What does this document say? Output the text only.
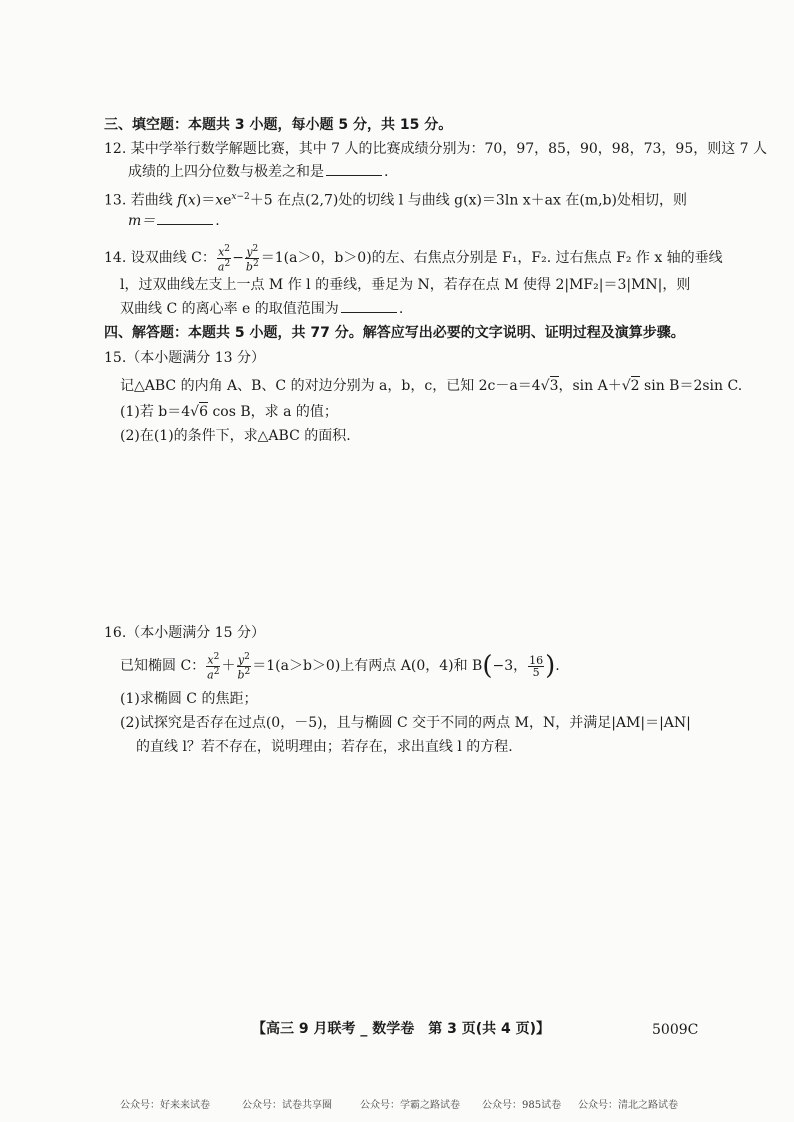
三、填空题：本题共 3 小题，每小题 5 分，共 15 分。
12. 某中学举行数学解题比赛，其中 7 人的比赛成绩分别为：70，97，85，90，98，73，95，则这 7 人
成绩的上四分位数与极差之和是	.
13. 若曲线 $f(x)=xe^{x-2}+5$ 在点(2,7)处的切线 l 与曲线 g(x)＝3ln x＋ax 在(m,b)处相切，则
m＝	.
14. 设双曲线 C： $\frac{x^2}{a^2} - \frac{y^2}{b^2} =1(a>0$，b＞0)的左、右焦点分别是 F₁，F₂. 过右焦点 F₂ 作 x 轴的垂线
l，过双曲线左支上一点 M 作 l 的垂线，垂足为 N，若存在点 M 使得 2|MF₂|＝3|MN|，则
双曲线 C 的离心率 e 的取值范围为	.
四、解答题：本题共 5 小题，共 77 分。解答应写出必要的文字说明、证明过程及演算步骤。
15.（本小题满分 13 分）
记△ABC 的内角 A、B、C 的对边分别为 a，b，c，已知 2c－a＝4√3，sin A＋√2 sin B＝2sin C.
(1)若 b＝4√6 cos B，求 a 的值；
(2)在(1)的条件下，求△ABC 的面积.
16.（本小题满分 15 分）
已知椭圆 C： $\frac{x^2}{a^2} + \frac{y^2}{b^2} =1(a>b>0)$上有两点 A(0，4)和 B(−3， $\frac{16}{5}$ ).
(1)求椭圆 C 的焦距；
(2)试探究是否存在过点(0，－5)，且与椭圆 C 交于不同的两点 M，N，并满足|AM|＝|AN|
的直线 l？若不存在，说明理由；若存在，求出直线 l 的方程.
【高三 9 月联考 _ 数学卷　第 3 页(共 4 页)】	5009C
公众号：好来来试卷	公众号：试卷共享圈	公众号：学霸之路试卷 公众号：985试卷 公众号：清北之路试卷
